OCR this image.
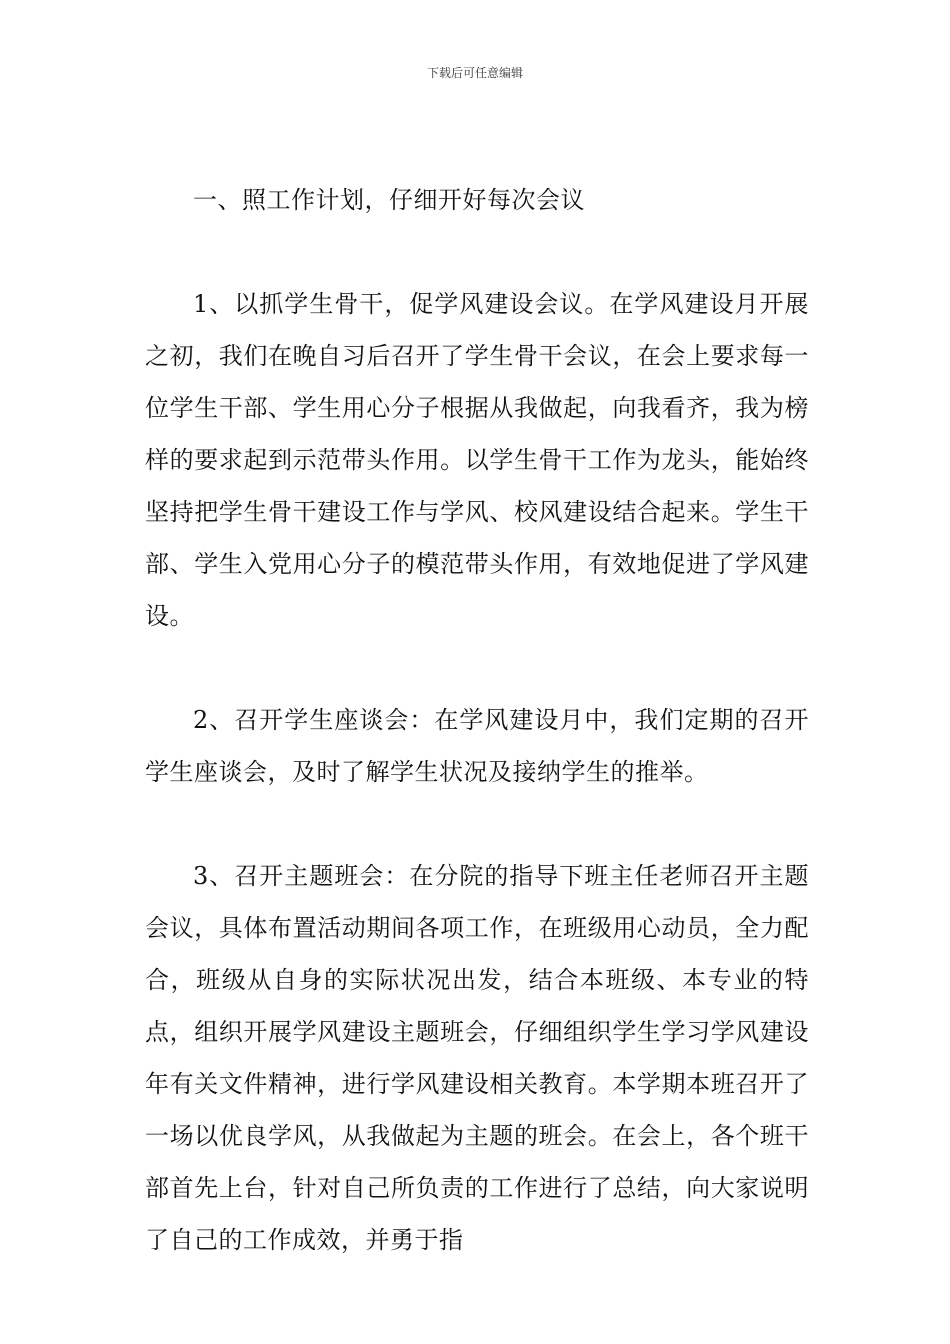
下载后可任意编辑

一、照工作计划，仔细开好每次会议

1、以抓学生骨干，促学风建设会议。在学风建设月开展之初，我们在晚自习后召开了学生骨干会议，在会上要求每一位学生干部、学生用心分子根据从我做起，向我看齐，我为榜样的要求起到示范带头作用。以学生骨干工作为龙头，能始终坚持把学生骨干建设工作与学风、校风建设结合起来。学生干部、学生入党用心分子的模范带头作用，有效地促进了学风建设。

2、召开学生座谈会：在学风建设月中，我们定期的召开学生座谈会，及时了解学生状况及接纳学生的推举。

3、召开主题班会：在分院的指导下班主任老师召开主题会议，具体布置活动期间各项工作，在班级用心动员，全力配合，班级从自身的实际状况出发，结合本班级、本专业的特点，组织开展学风建设主题班会，仔细组织学生学习学风建设年有关文件精神，进行学风建设相关教育。本学期本班召开了一场以优良学风，从我做起为主题的班会。在会上，各个班干部首先上台，针对自己所负责的工作进行了总结，向大家说明了自己的工作成效，并勇于指
